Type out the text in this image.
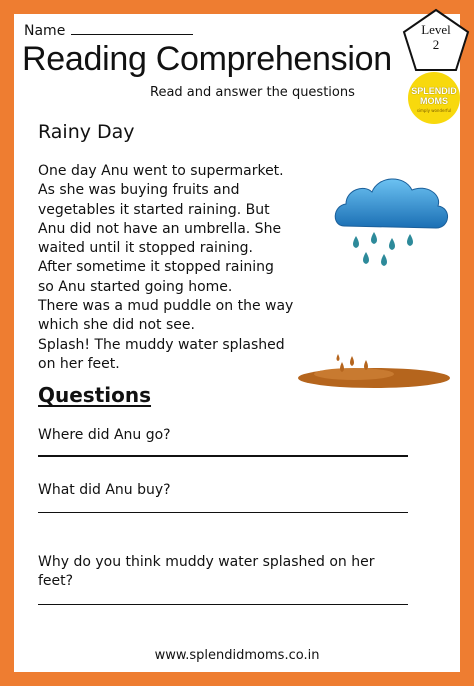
Name
Reading Comprehension
Read and answer the questions
Level
2
SPLENDID
MOMS
simply wonderful
Rainy Day

One day Anu went to supermarket.

As she was buying fruits and

vegetables it started raining. But

Anu did not have an umbrella. She

waited until it stopped raining.

After sometime it stopped raining

so Anu started going home.

There was a mud puddle on the way

which she did not see.

Splash! The muddy water splashed

on her feet.

Questions
Where did Anu go?
What did Anu buy?
Why do you think muddy water splashed on her
feet?
www.splendidmoms.co.in
